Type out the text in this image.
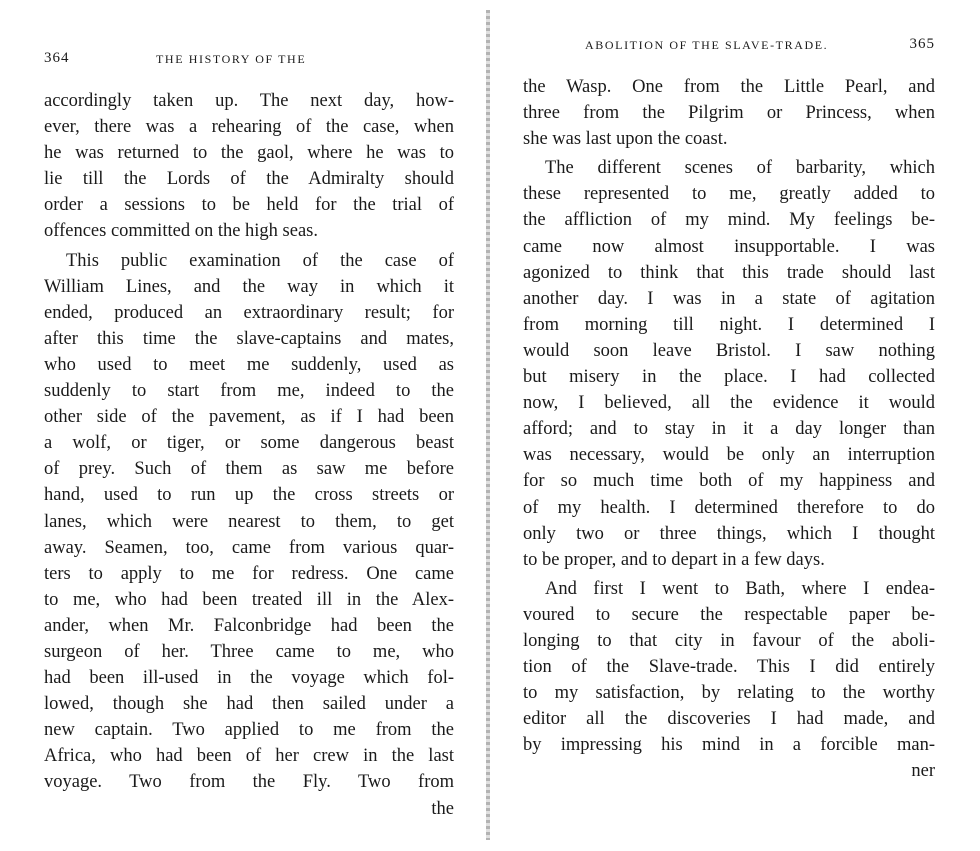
364	THE HISTORY OF THE
accordingly taken up. The next day, how-
ever, there was a rehearing of the case, when
he was returned to the gaol, where he was to
lie till the Lords of the Admiralty should
order a sessions to be held for the trial of
offences committed on the high seas.
This public examination of the case of
William Lines, and the way in which it
ended, produced an extraordinary result; for
after this time the slave-captains and mates,
who used to meet me suddenly, used as
suddenly to start from me, indeed to the
other side of the pavement, as if I had been
a wolf, or tiger, or some dangerous beast
of prey. Such of them as saw me before
hand, used to run up the cross streets or
lanes, which were nearest to them, to get
away. Seamen, too, came from various quar-
ters to apply to me for redress. One came
to me, who had been treated ill in the Alex-
ander, when Mr. Falconbridge had been the
surgeon of her. Three came to me, who
had been ill-used in the voyage which fol-
lowed, though she had then sailed under a
new captain. Two applied to me from the
Africa, who had been of her crew in the last
voyage. Two from the Fly. Two from
the
ABOLITION OF THE SLAVE-TRADE.	365
the Wasp. One from the Little Pearl, and
three from the Pilgrim or Princess, when
she was last upon the coast.
The different scenes of barbarity, which
these represented to me, greatly added to
the affliction of my mind. My feelings be-
came now almost insupportable. I was
agonized to think that this trade should last
another day. I was in a state of agitation
from morning till night. I determined I
would soon leave Bristol. I saw nothing
but misery in the place. I had collected
now, I believed, all the evidence it would
afford; and to stay in it a day longer than
was necessary, would be only an interruption
for so much time both of my happiness and
of my health. I determined therefore to do
only two or three things, which I thought
to be proper, and to depart in a few days.
And first I went to Bath, where I endea-
voured to secure the respectable paper be-
longing to that city in favour of the aboli-
tion of the Slave-trade. This I did entirely
to my satisfaction, by relating to the worthy
editor all the discoveries I had made, and
by impressing his mind in a forcible man-
ner
